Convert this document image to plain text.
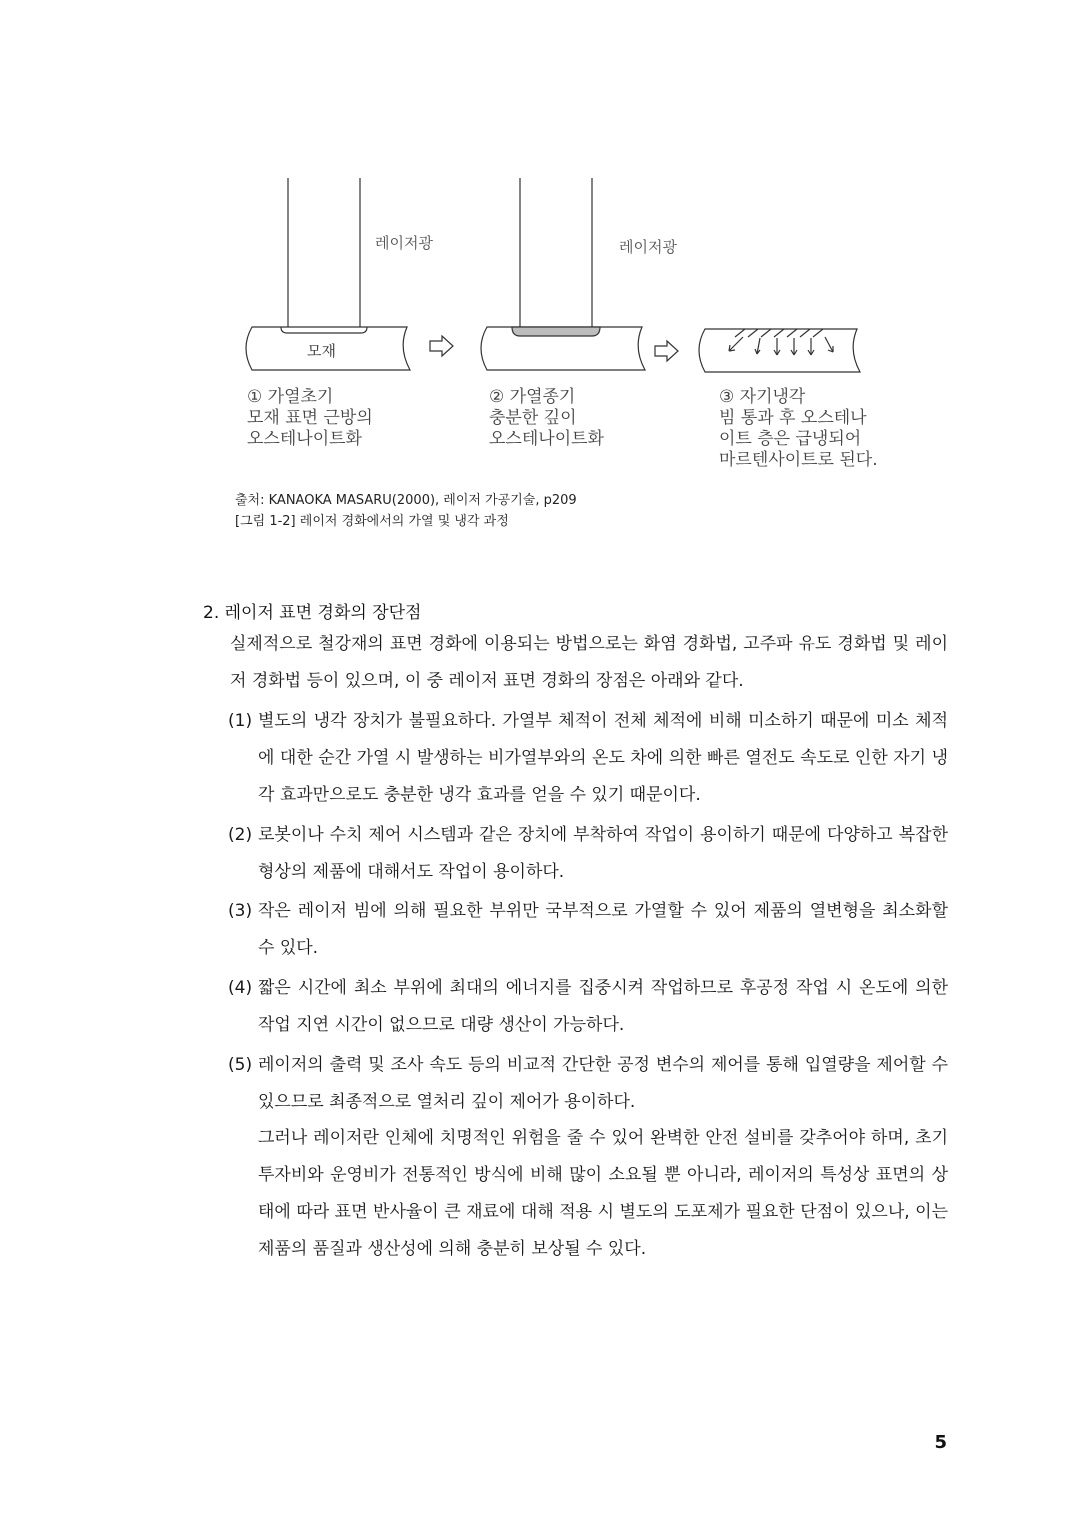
레이저광	레이저광
모재
① 가열초기
모재 표면 근방의
오스테나이트화
② 가열종기
충분한 깊이
오스테나이트화
③ 자기냉각
빔 통과 후 오스테나
이트 층은 급냉되어
마르텐사이트로 된다.
출처: KANAOKA MASARU(2000), 레이저 가공기술, p209
[그림 1-2] 레이저 경화에서의 가열 및 냉각 과정
2. 레이저 표면 경화의 장단점
실제적으로 철강재의 표면 경화에 이용되는 방법으로는 화염 경화법, 고주파 유도 경화법 및 레이저 경화법 등이 있으며, 이 중 레이저 표면 경화의 장점은 아래와 같다.
(1) 별도의 냉각 장치가 불필요하다. 가열부 체적이 전체 체적에 비해 미소하기 때문에 미소 체적에 대한 순간 가열 시 발생하는 비가열부와의 온도 차에 의한 빠른 열전도 속도로 인한 자기 냉각 효과만으로도 충분한 냉각 효과를 얻을 수 있기 때문이다.
(2) 로봇이나 수치 제어 시스템과 같은 장치에 부착하여 작업이 용이하기 때문에 다양하고 복잡한 형상의 제품에 대해서도 작업이 용이하다.
(3) 작은 레이저 빔에 의해 필요한 부위만 국부적으로 가열할 수 있어 제품의 열변형을 최소화할 수 있다.
(4) 짧은 시간에 최소 부위에 최대의 에너지를 집중시켜 작업하므로 후공정 작업 시 온도에 의한 작업 지연 시간이 없으므로 대량 생산이 가능하다.
(5) 레이저의 출력 및 조사 속도 등의 비교적 간단한 공정 변수의 제어를 통해 입열량을 제어할 수 있으므로 최종적으로 열처리 깊이 제어가 용이하다.
그러나 레이저란 인체에 치명적인 위험을 줄 수 있어 완벽한 안전 설비를 갖추어야 하며, 초기 투자비와 운영비가 전통적인 방식에 비해 많이 소요될 뿐 아니라, 레이저의 특성상 표면의 상태에 따라 표면 반사율이 큰 재료에 대해 적용 시 별도의 도포제가 필요한 단점이 있으나, 이는 제품의 품질과 생산성에 의해 충분히 보상될 수 있다.
5
